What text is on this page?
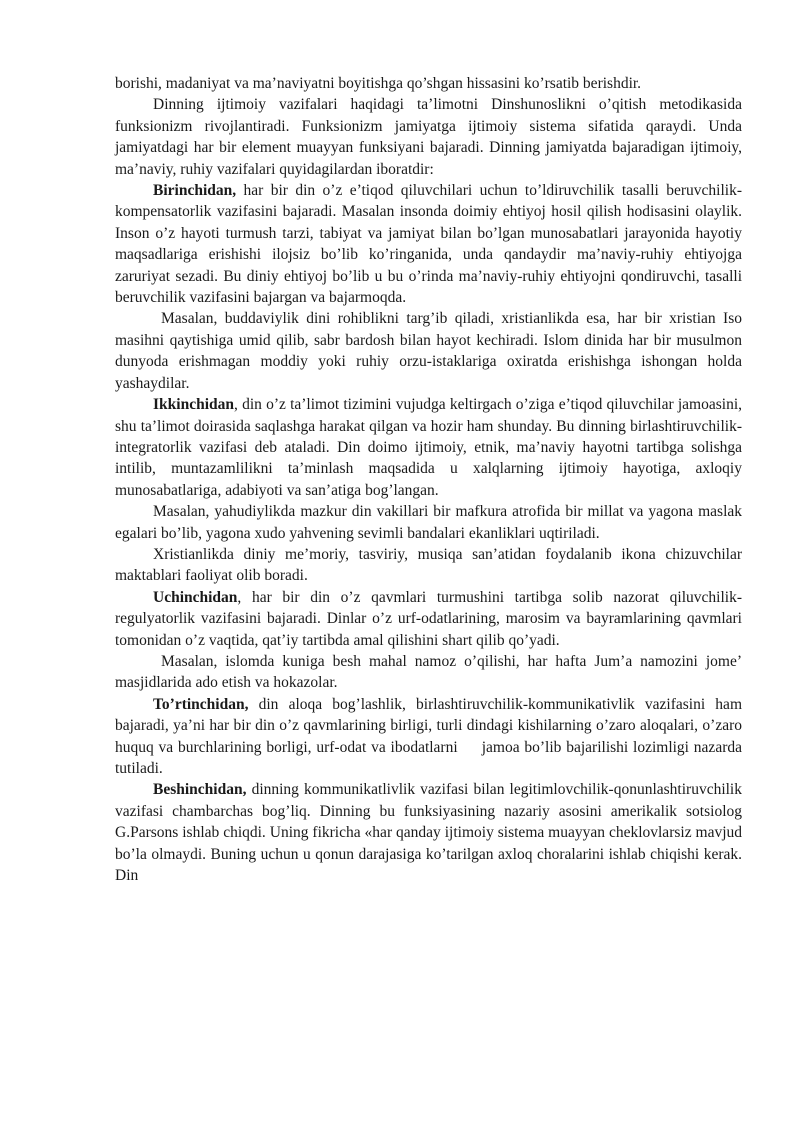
borishi, madaniyat va ma’naviyatni boyitishga qo’shgan hissasini ko’rsatib berishdir.

Dinning ijtimoiy vazifalari haqidagi ta’limotni Dinshunoslikni o’qitish metodikasida funksionizm rivojlantiradi. Funksionizm jamiyatga ijtimoiy sistema sifatida qaraydi. Unda jamiyatdagi har bir element muayyan funksiyani bajaradi. Dinning jamiyatda bajaradigan ijtimoiy, ma’naviy, ruhiy vazifalari quyidagilardan iboratdir:

Birinchidan, har bir din o’z e’tiqod qiluvchilari uchun to’ldiruvchilik tasalli beruvchilik-kompensatorlik vazifasini bajaradi. Masalan insonda doimiy ehtiyoj hosil qilish hodisasini olaylik. Inson o’z hayoti turmush tarzi, tabiyat va jamiyat bilan bo’lgan munosabatlari jarayonida hayotiy maqsadlariga erishishi ilojsiz bo’lib ko’ringanida, unda qandaydir ma’naviy-ruhiy ehtiyojga zaruriyat sezadi. Bu diniy ehtiyoj bo’lib u bu o’rinda ma’naviy-ruhiy ehtiyojni qondiruvchi, tasalli beruvchilik vazifasini bajargan va bajarmoqda.

Masalan, buddaviylik dini rohiblikni targ’ib qiladi, xristianlikda esa, har bir xristian Iso masihni qaytishiga umid qilib, sabr bardosh bilan hayot kechiradi. Islom dinida har bir musulmon dunyoda erishmagan moddiy yoki ruhiy orzu-istaklariga oxiratda erishishga ishongan holda yashaydilar.

Ikkinchidan, din o’z ta’limot tizimini vujudga keltirgach o’ziga e’tiqod qiluvchilar jamoasini, shu ta’limot doirasida saqlashga harakat qilgan va hozir ham shunday. Bu dinning birlashtiruvchilik-integratorlik vazifasi deb ataladi. Din doimo ijtimoiy, etnik, ma’naviy hayotni tartibga solishga intilib, muntazamlilikni ta’minlash maqsadida u xalqlarning ijtimoiy hayotiga, axloqiy munosabatlariga, adabiyoti va san’atiga bog’langan.

Masalan, yahudiylikda mazkur din vakillari bir mafkura atrofida bir millat va yagona maslak egalari bo’lib, yagona xudo yahvening sevimli bandalari ekanliklari uqtiriladi.

Xristianlikda diniy me’moriy, tasviriy, musiqa san’atidan foydalanib ikona chizuvchilar maktablari faoliyat olib boradi.

Uchinchidan, har bir din o’z qavmlari turmushini tartibga solib nazorat qiluvchilik-regulyatorlik vazifasini bajaradi. Dinlar o’z urf-odatlarining, marosim va bayramlarining qavmlari tomonidan o’z vaqtida, qat’iy tartibda amal qilishini shart qilib qo’yadi.

Masalan, islomda kuniga besh mahal namoz o’qilishi, har hafta Jum’a namozini jome’ masjidlarida ado etish va hokazolar.

To’rtinchidan, din aloqa bog’lashlik, birlashtiruvchilik-kommunikativlik vazifasini ham bajaradi, ya’ni har bir din o’z qavmlarining birligi, turli dindagi kishilarning o’zaro aloqalari, o’zaro huquq va burchlarining borligi, urf-odat va ibodatlarni     jamoa bo’lib bajarilishi lozimligi nazarda tutiladi.

Beshinchidan, dinning kommunikatlivlik vazifasi bilan legitimlovchilik-qonunlashtiruvchilik vazifasi chambarchas bog’liq. Dinning bu funksiyasining nazariy asosini amerikalik sotsiolog G.Parsons ishlab chiqdi. Uning fikricha «har qanday ijtimoiy sistema muayyan cheklovlarsiz mavjud bo’la olmaydi. Buning uchun u qonun darajasiga ko’tarilgan axloq choralarini ishlab chiqishi kerak. Din
